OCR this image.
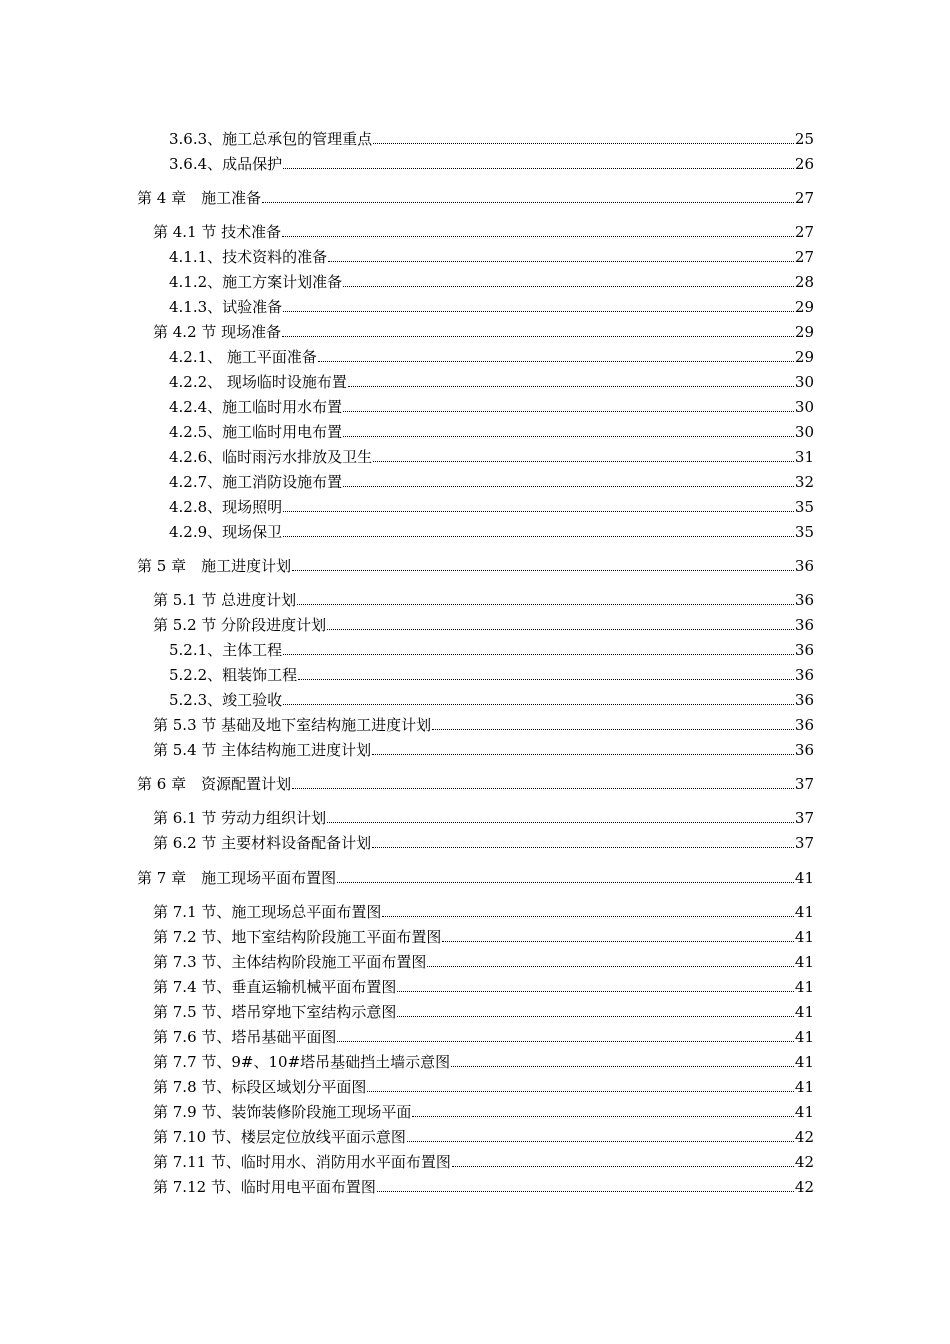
3.6.3、施工总承包的管理重点	25
3.6.4、成品保护	26
第 4 章　施工准备	27
第 4.1 节 技术准备	27
4.1.1、技术资料的准备	27
4.1.2、施工方案计划准备	28
4.1.3、试验准备	29
第 4.2 节 现场准备	29
4.2.1、 施工平面准备	29
4.2.2、 现场临时设施布置	30
4.2.4、施工临时用水布置	30
4.2.5、施工临时用电布置	30
4.2.6、临时雨污水排放及卫生	31
4.2.7、施工消防设施布置	32
4.2.8、现场照明	35
4.2.9、现场保卫	35
第 5 章　施工进度计划	36
第 5.1 节 总进度计划	36
第 5.2 节 分阶段进度计划	36
5.2.1、主体工程	36
5.2.2、粗装饰工程	36
5.2.3、竣工验收	36
第 5.3 节 基础及地下室结构施工进度计划	36
第 5.4 节 主体结构施工进度计划	36
第 6 章　资源配置计划	37
第 6.1 节 劳动力组织计划	37
第 6.2 节 主要材料设备配备计划	37
第 7 章　施工现场平面布置图	41
第 7.1 节、施工现场总平面布置图	41
第 7.2 节、地下室结构阶段施工平面布置图	41
第 7.3 节、主体结构阶段施工平面布置图	41
第 7.4 节、垂直运输机械平面布置图	41
第 7.5 节、塔吊穿地下室结构示意图	41
第 7.6 节、塔吊基础平面图	41
第 7.7 节、9#、10#塔吊基础挡土墙示意图	41
第 7.8 节、标段区域划分平面图	41
第 7.9 节、装饰装修阶段施工现场平面	41
第 7.10 节、楼层定位放线平面示意图	42
第 7.11 节、临时用水、消防用水平面布置图	42
第 7.12 节、临时用电平面布置图	42
